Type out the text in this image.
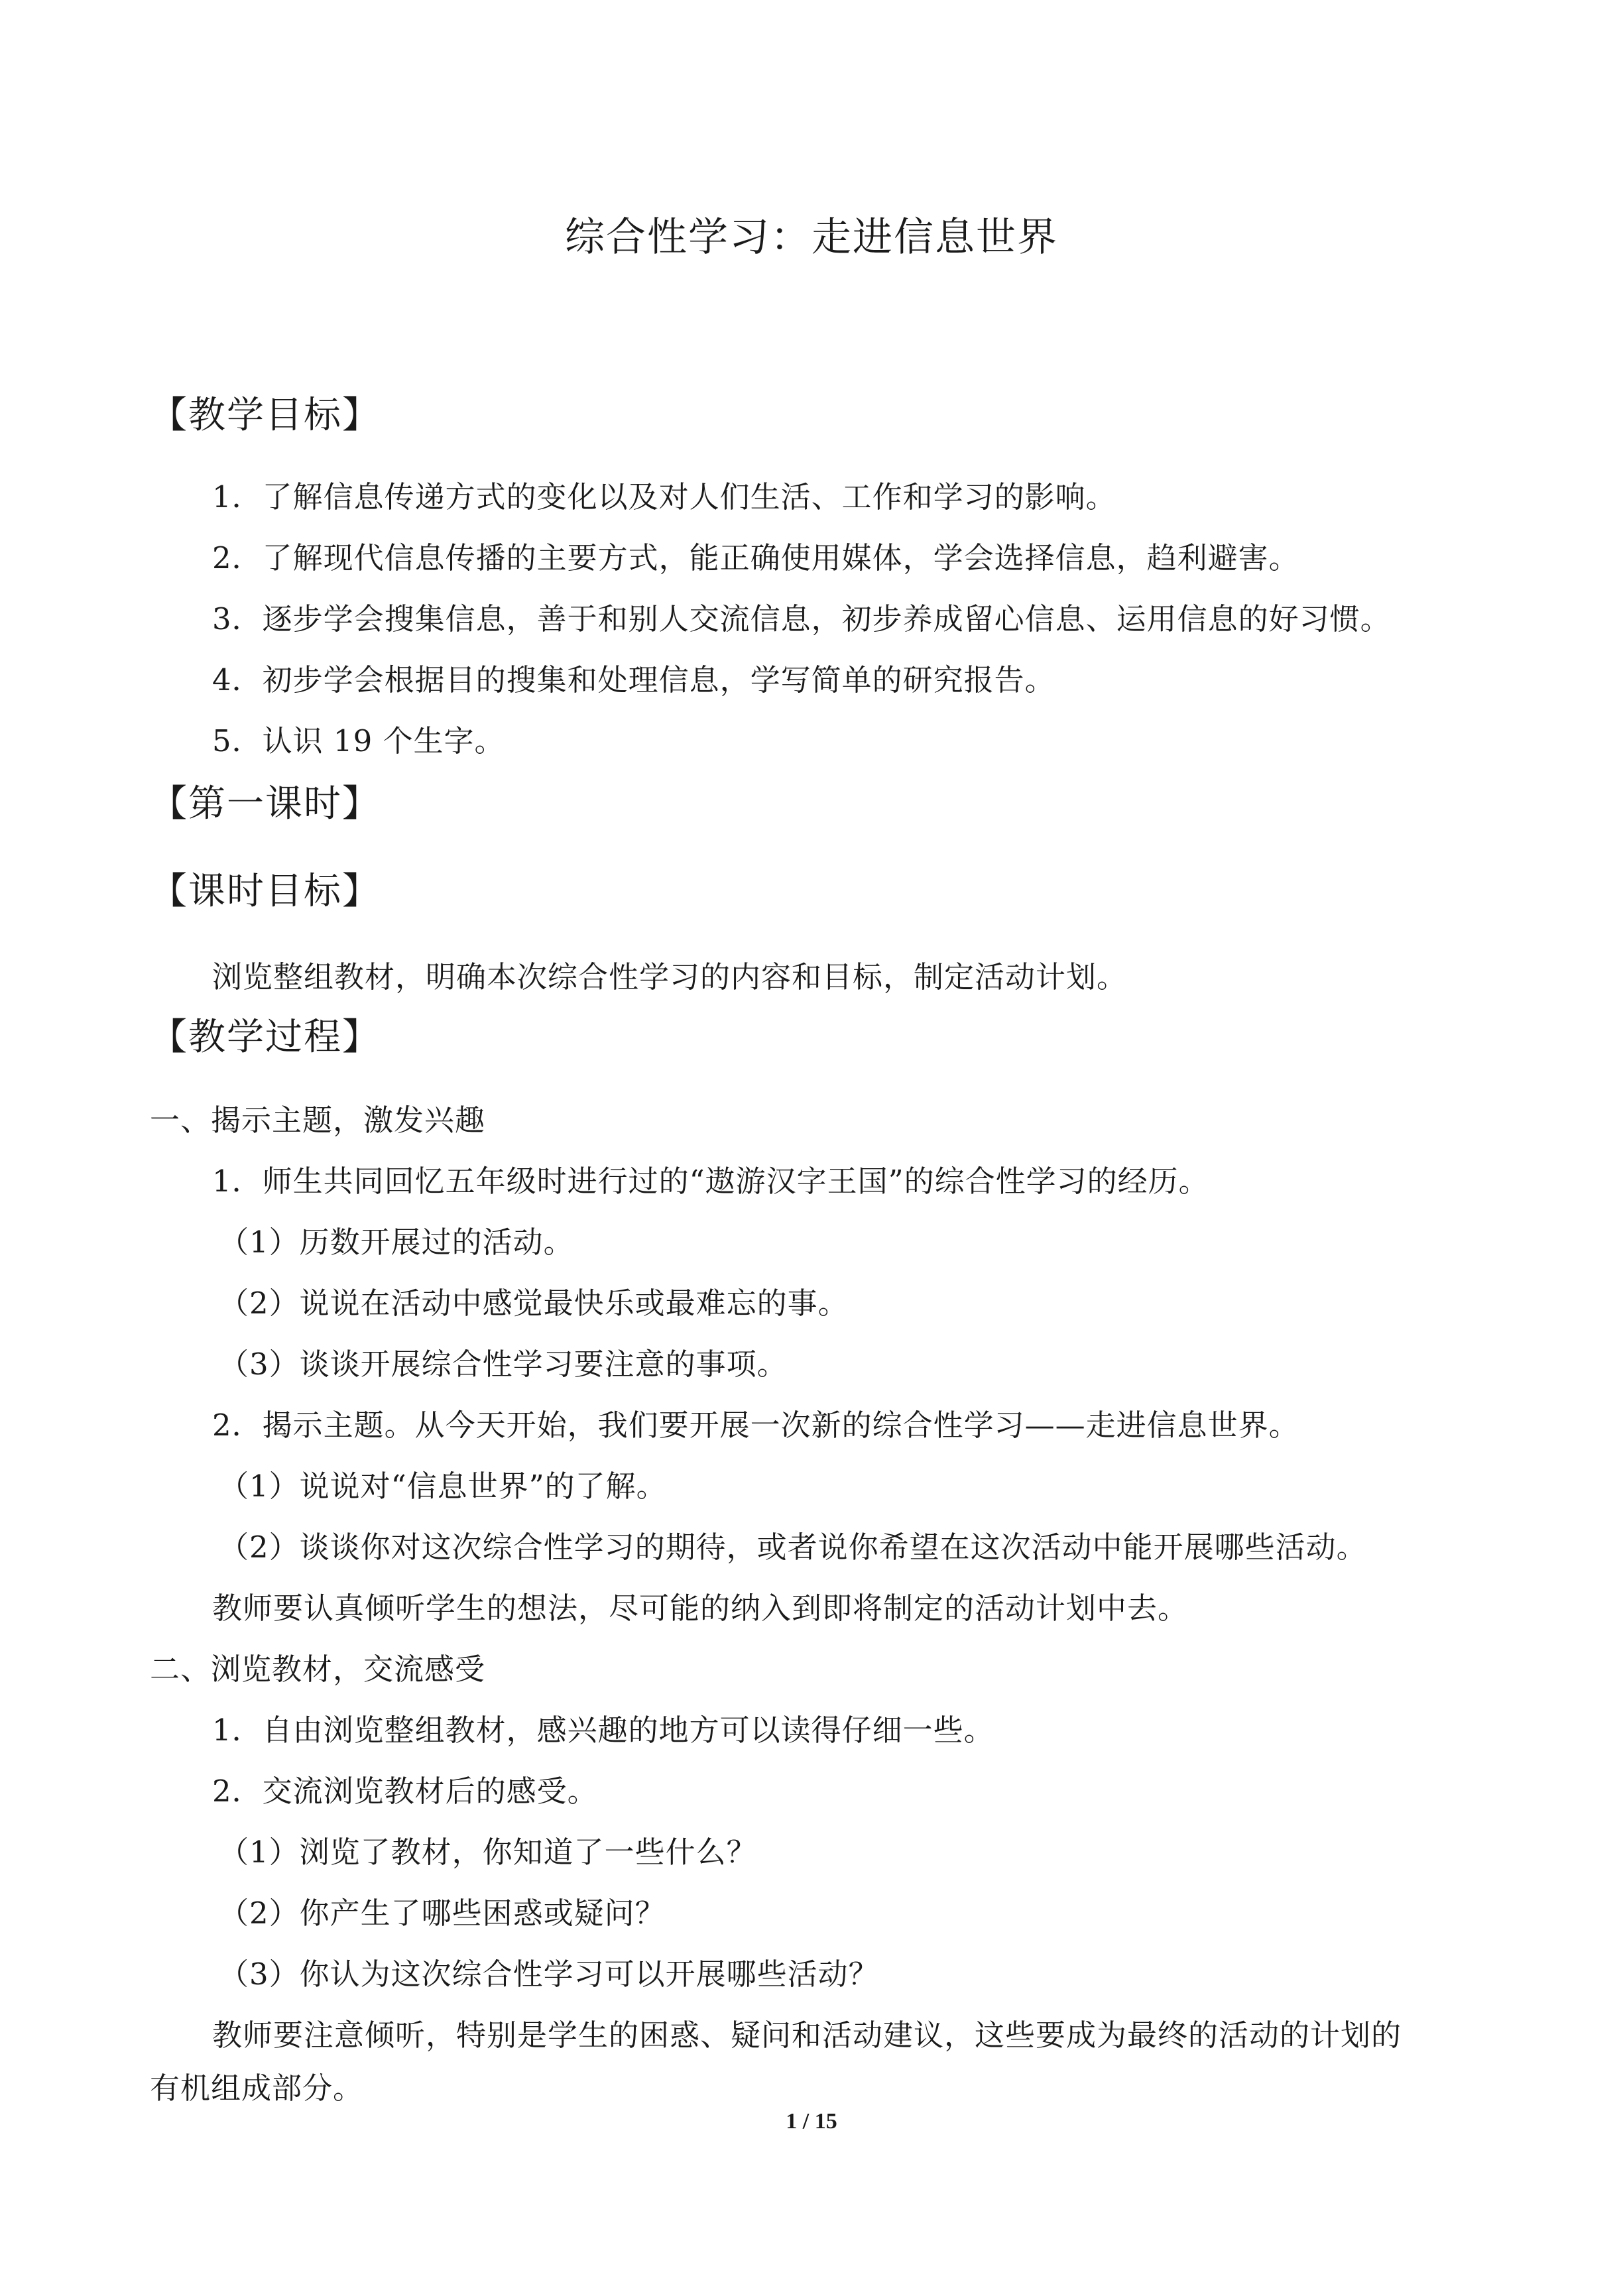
综合性学习：走进信息世界
【教学目标】
1．了解信息传递方式的变化以及对人们生活、工作和学习的影响。
2．了解现代信息传播的主要方式，能正确使用媒体，学会选择信息，趋利避害。
3．逐步学会搜集信息，善于和别人交流信息，初步养成留心信息、运用信息的好习惯。
4．初步学会根据目的搜集和处理信息，学写简单的研究报告。
5．认识 19 个生字。
【第一课时】
【课时目标】
浏览整组教材，明确本次综合性学习的内容和目标，制定活动计划。
【教学过程】
一、揭示主题，激发兴趣
1．师生共同回忆五年级时进行过的“遨游汉字王国”的综合性学习的经历。
（1）历数开展过的活动。
（2）说说在活动中感觉最快乐或最难忘的事。
（3）谈谈开展综合性学习要注意的事项。
2．揭示主题。从今天开始，我们要开展一次新的综合性学习——走进信息世界。
（1）说说对“信息世界”的了解。
（2）谈谈你对这次综合性学习的期待，或者说你希望在这次活动中能开展哪些活动。
教师要认真倾听学生的想法，尽可能的纳入到即将制定的活动计划中去。
二、浏览教材，交流感受
1．自由浏览整组教材，感兴趣的地方可以读得仔细一些。
2．交流浏览教材后的感受。
（1）浏览了教材，你知道了一些什么？
（2）你产生了哪些困惑或疑问？
（3）你认为这次综合性学习可以开展哪些活动？
教师要注意倾听，特别是学生的困惑、疑问和活动建议，这些要成为最终的活动的计划的
有机组成部分。
1 / 15
